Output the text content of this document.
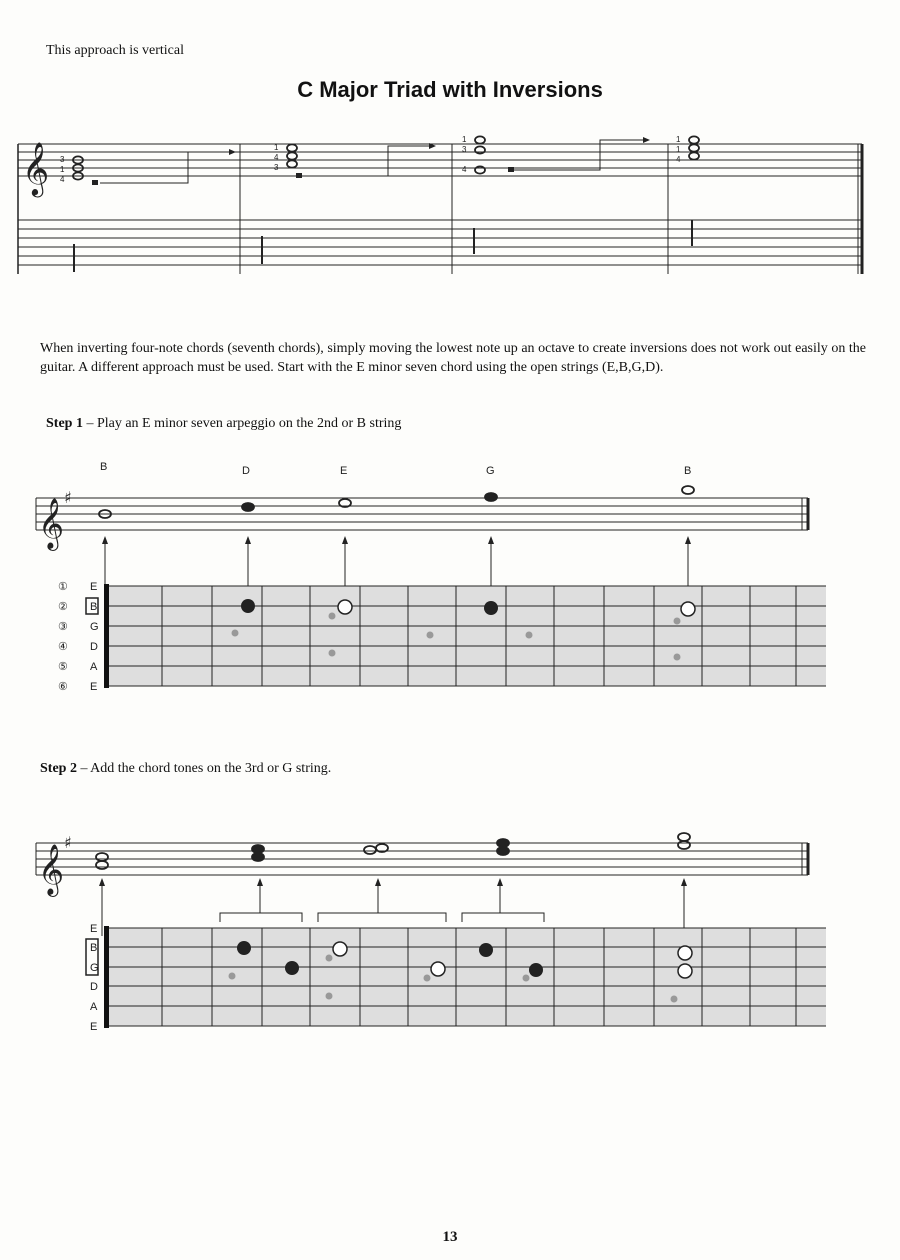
This approach is vertical
C Major Triad with Inversions
When inverting four-note chords (seventh chords), simply moving the lowest note up an octave to create inversions does not work out easily on the guitar. A different approach must be used. Start with the E minor seven chord using the open strings (E,B,G,D).
Step 1 – Play an E minor seven arpeggio on the 2nd or B string
Step 2 – Add the chord tones on the 3rd or G string.
13
𝄞 3
1
4
1
4
3
1
3
4
1
1
4
𝄞
♯
B	D	E	G	B
①
②
③
④
⑤
⑥
E
B
G
D
A
E
𝄞
♯
E
B
G
D
A
E
